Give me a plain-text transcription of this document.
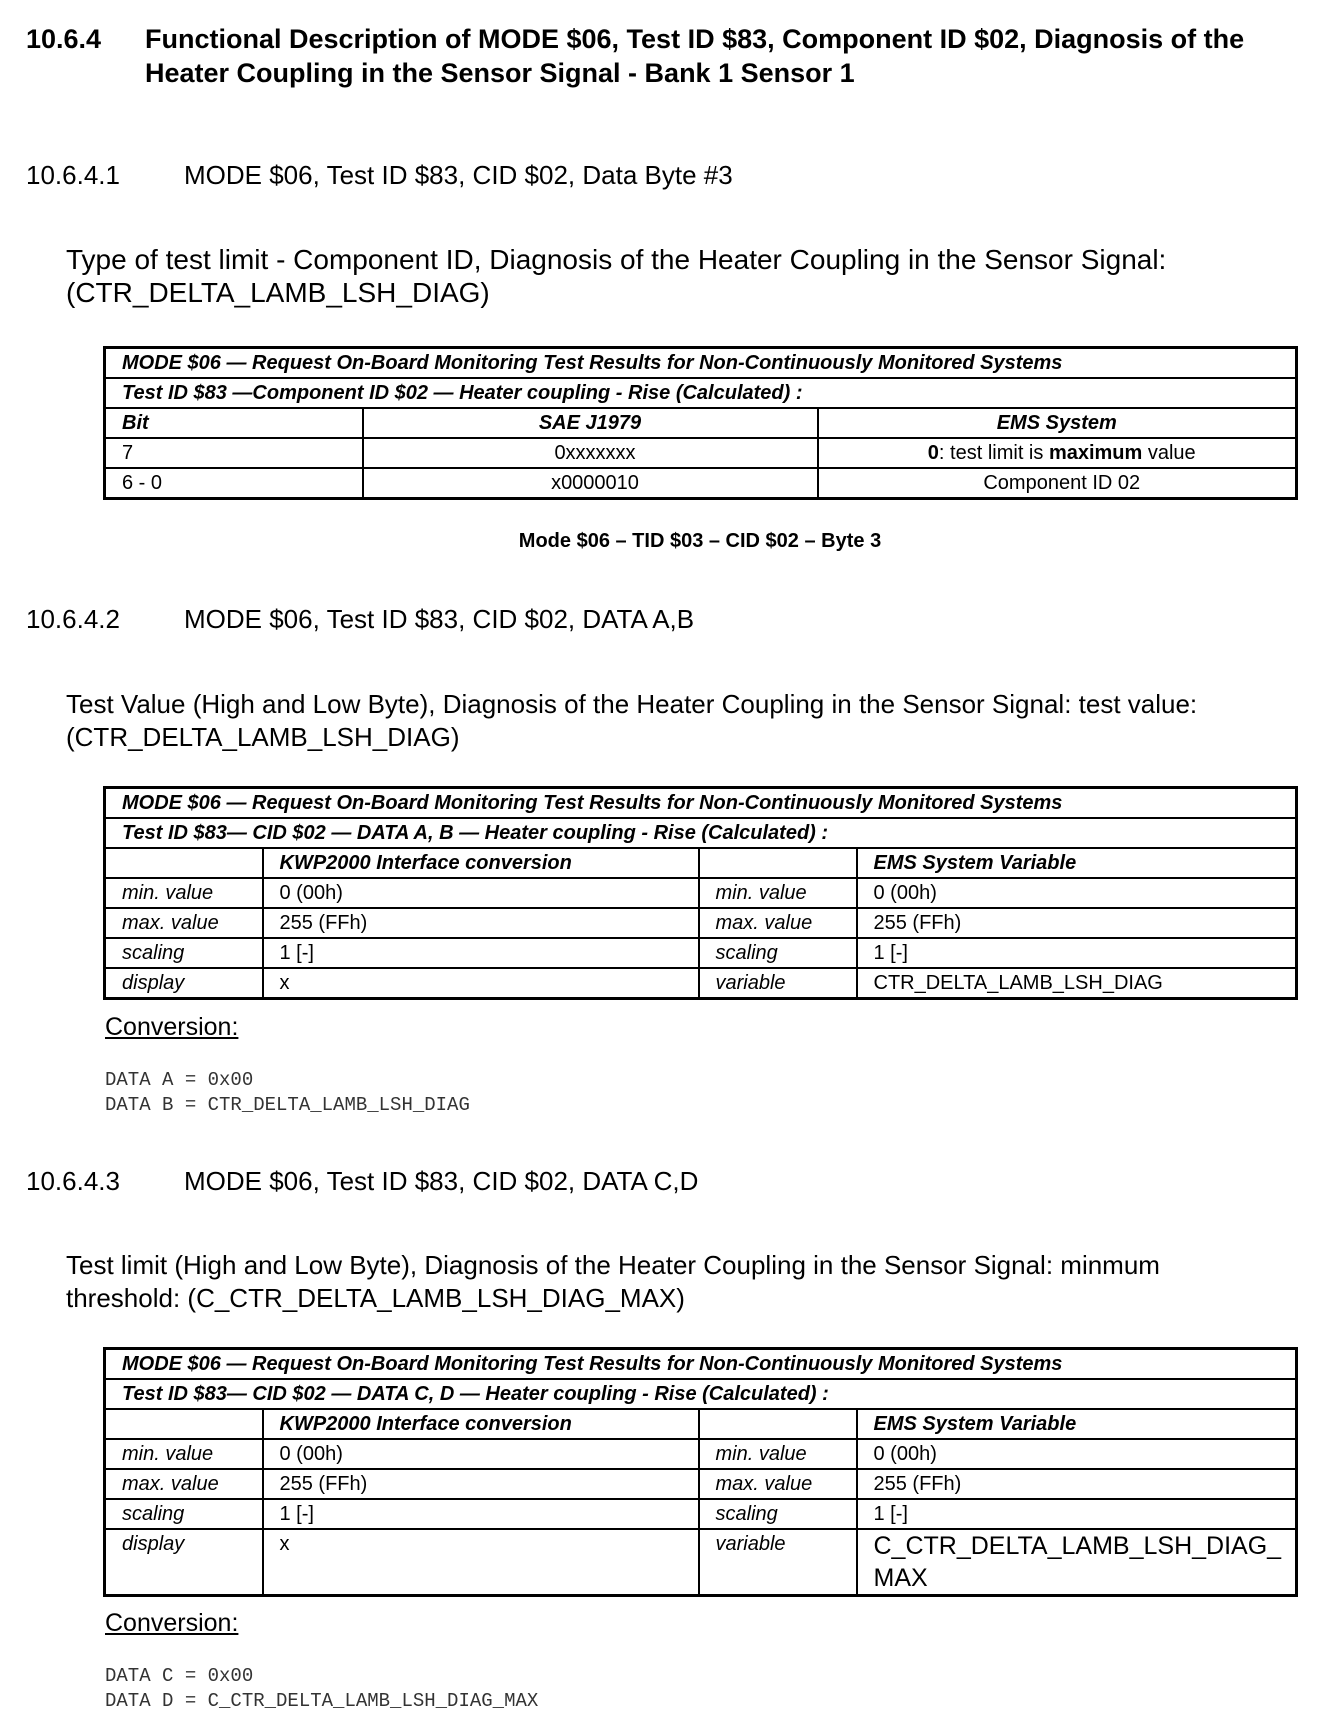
10.6.4 Functional Description of MODE $06, Test ID $83, Component ID $02, Diagnosis of the Heater Coupling in the Sensor Signal - Bank 1 Sensor 1
10.6.4.1 MODE $06, Test ID $83, CID $02, Data Byte #3
Type of test limit - Component ID, Diagnosis of the Heater Coupling in the Sensor Signal:
(CTR_DELTA_LAMB_LSH_DIAG)
MODE $06 — Request On-Board Monitoring Test Results for Non-Continuously Monitored Systems		
Test ID $83 —Component ID $02 — Heater coupling - Rise (Calculated) :		
Bit	SAE J1979	EMS System
7	0xxxxxxx	0: test limit is maximum value
6 - 0	x0000010	Component ID 02
Mode $06 – TID $03 – CID $02 – Byte 3
10.6.4.2 MODE $06, Test ID $83, CID $02, DATA A,B
Test Value (High and Low Byte), Diagnosis of the Heater Coupling in the Sensor Signal: test value:
(CTR_DELTA_LAMB_LSH_DIAG)
MODE $06 — Request On-Board Monitoring Test Results for Non-Continuously Monitored Systems			
Test ID $83— CID $02 — DATA A, B — Heater coupling - Rise (Calculated) :			
	KWP2000 Interface conversion		EMS System Variable
min. value	0 (00h)	min. value	0 (00h)
max. value	255 (FFh)	max. value	255 (FFh)
scaling	1 [-]	scaling	1 [-]
display	x	variable	CTR_DELTA_LAMB_LSH_DIAG
Conversion:
DATA A = 0x00
DATA B = CTR_DELTA_LAMB_LSH_DIAG
10.6.4.3 MODE $06, Test ID $83, CID $02, DATA C,D
Test limit (High and Low Byte), Diagnosis of the Heater Coupling in the Sensor Signal: minmum
threshold: (C_CTR_DELTA_LAMB_LSH_DIAG_MAX)
MODE $06 — Request On-Board Monitoring Test Results for Non-Continuously Monitored Systems			
Test ID $83— CID $02 — DATA C, D — Heater coupling - Rise (Calculated) :			
	KWP2000 Interface conversion		EMS System Variable
min. value	0 (00h)	min. value	0 (00h)
max. value	255 (FFh)	max. value	255 (FFh)
scaling	1 [-]	scaling	1 [-]
display	x	variable	C_CTR_DELTA_LAMB_LSH_DIAG_MAX
Conversion:
DATA C = 0x00
DATA D = C_CTR_DELTA_LAMB_LSH_DIAG_MAX
